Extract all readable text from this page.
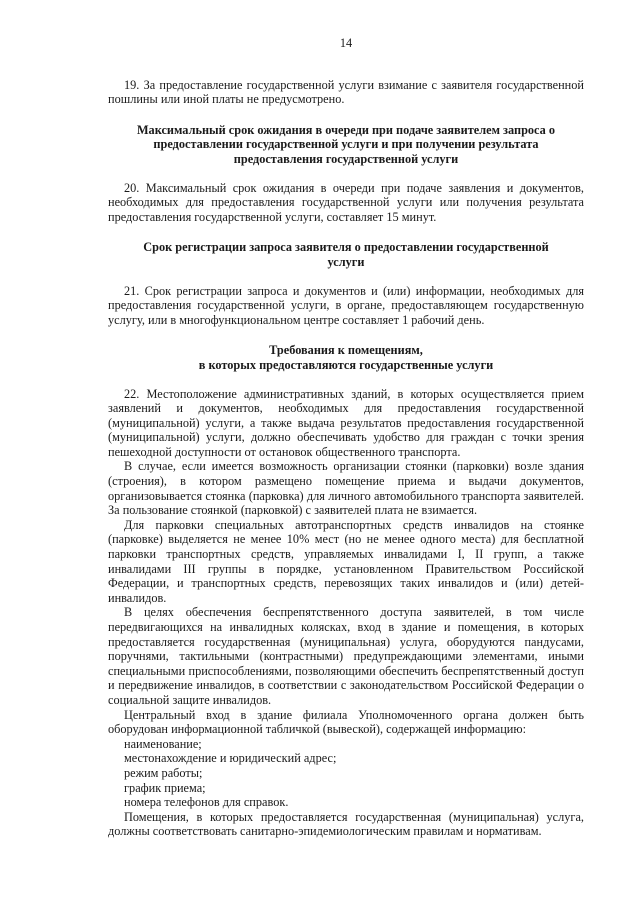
14

19. За предоставление государственной услуги взимание с заявителя государственной пошлины или иной платы не предусмотрено.

Максимальный срок ожидания в очереди при подаче заявителем запроса о предоставлении государственной услуги и при получении результата предоставления государственной услуги

20. Максимальный срок ожидания в очереди при подаче заявления и документов, необходимых для предоставления государственной услуги или получения результата предоставления государственной услуги, составляет 15 минут.

Срок регистрации запроса заявителя о предоставлении государственной услуги

21. Срок регистрации запроса и документов и (или) информации, необходимых для предоставления государственной услуги, в органе, предоставляющем государственную услугу, или в многофункциональном центре составляет 1 рабочий день.

Требования к помещениям,

в которых предоставляются государственные услуги

22. Местоположение административных зданий, в которых осуществляется прием заявлений и документов, необходимых для предоставления государственной (муниципальной) услуги, а также выдача результатов предоставления государственной (муниципальной) услуги, должно обеспечивать удобство для граждан с точки зрения пешеходной доступности от остановок общественного транспорта.

В случае, если имеется возможность организации стоянки (парковки) возле здания (строения), в котором размещено помещение приема и выдачи документов, организовывается стоянка (парковка) для личного автомобильного транспорта заявителей. За пользование стоянкой (парковкой) с заявителей плата не взимается.

Для парковки специальных автотранспортных средств инвалидов на стоянке (парковке) выделяется не менее 10% мест (но не менее одного места) для бесплатной парковки транспортных средств, управляемых инвалидами I, II групп, а также инвалидами III группы в порядке, установленном Правительством Российской Федерации, и транспортных средств, перевозящих таких инвалидов и (или) детей-инвалидов.

В целях обеспечения беспрепятственного доступа заявителей, в том числе передвигающихся на инвалидных колясках, вход в здание и помещения, в которых предоставляется государственная (муниципальная) услуга, оборудуются пандусами, поручнями, тактильными (контрастными) предупреждающими элементами, иными специальными приспособлениями, позволяющими обеспечить беспрепятственный доступ и передвижение инвалидов, в соответствии с законодательством Российской Федерации о социальной защите инвалидов.

Центральный вход в здание филиала Уполномоченного органа должен быть оборудован информационной табличкой (вывеской), содержащей информацию:

наименование;

местонахождение и юридический адрес;

режим работы;

график приема;

номера телефонов для справок.

Помещения, в которых предоставляется государственная (муниципальная) услуга, должны соответствовать санитарно-эпидемиологическим правилам и нормативам.
